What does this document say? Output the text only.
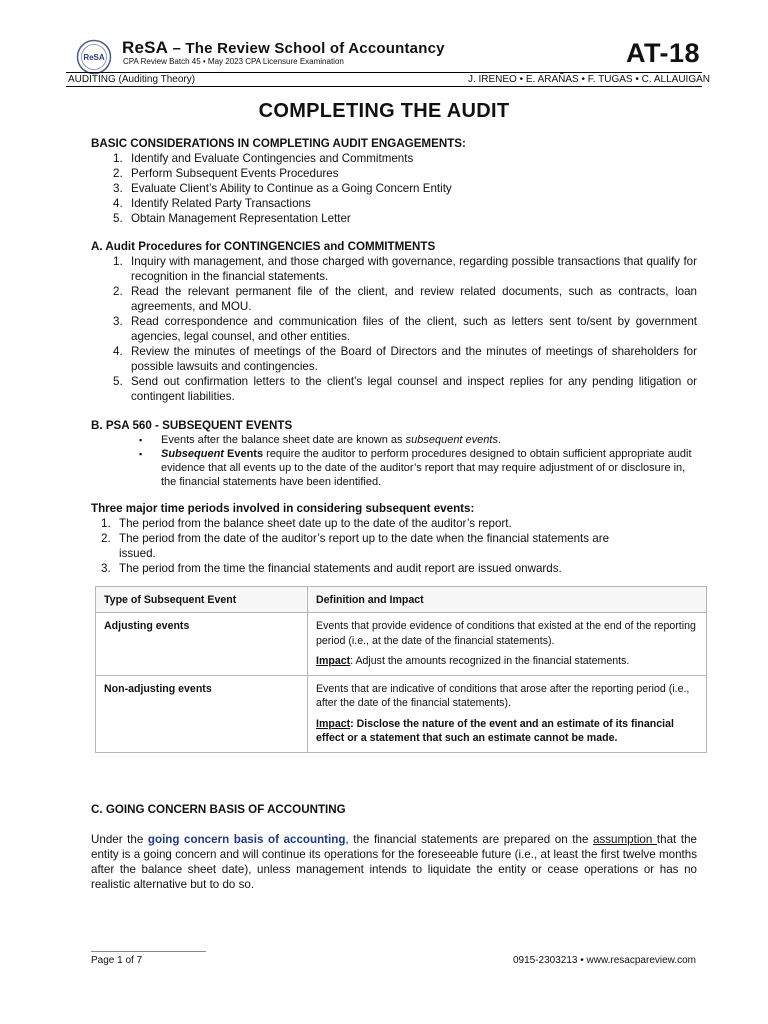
ReSA
ReSA – The Review School of Accountancy
CPA Review Batch 45 • May 2023 CPA Licensure Examination	AT-18
AUDITING (Auditing Theory)	J. IRENEO • E. ARAÑAS • F. TUGAS • C. ALLAUIGAN
COMPLETING THE AUDIT
BASIC CONSIDERATIONS IN COMPLETING AUDIT ENGAGEMENTS:
1. Identify and Evaluate Contingencies and Commitments
2. Perform Subsequent Events Procedures
3. Evaluate Client’s Ability to Continue as a Going Concern Entity
4. Identify Related Party Transactions
5. Obtain Management Representation Letter
A. Audit Procedures for CONTINGENCIES and COMMITMENTS
1. Inquiry with management, and those charged with governance, regarding possible transactions that qualify for recognition in the financial statements.
2. Read the relevant permanent file of the client, and review related documents, such as contracts, loan agreements, and MOU.
3. Read correspondence and communication files of the client, such as letters sent to/sent by government agencies, legal counsel, and other entities.
4. Review the minutes of meetings of the Board of Directors and the minutes of meetings of shareholders for possible lawsuits and contingencies.
5. Send out confirmation letters to the client’s legal counsel and inspect replies for any pending litigation or contingent liabilities.
B. PSA 560 - SUBSEQUENT EVENTS
▪ Events after the balance sheet date are known as subsequent events.
▪ Subsequent Events require the auditor to perform procedures designed to obtain sufficient appropriate audit evidence that all events up to the date of the auditor’s report that may require adjustment of or disclosure in, the financial statements have been identified.
Three major time periods involved in considering subsequent events:
1. The period from the balance sheet date up to the date of the auditor’s report.
2. The period from the date of the auditor’s report up to the date when the financial statements are issued.
3. The period from the time the financial statements and audit report are issued onwards.
Type of Subsequent Event	Definition and Impact
Adjusting events	Events that provide evidence of conditions that existed at the end of the reporting period (i.e., at the date of the financial statements).

Impact: Adjust the amounts recognized in the financial statements.

Non-adjusting events	Events that are indicative of conditions that arose after the reporting period (i.e., after the date of the financial statements).

Impact: Disclose the nature of the event and an estimate of its financial effect or a statement that such an estimate cannot be made.

C. GOING CONCERN BASIS OF ACCOUNTING

Under the going concern basis of accounting, the financial statements are prepared on the assumption that the entity is a going concern and will continue its operations for the foreseeable future (i.e., at least the first twelve months after the balance sheet date), unless management intends to liquidate the entity or cease operations or has no realistic alternative but to do so.

Page 1 of 7	0915-2303213 • www.resacpareview.com
